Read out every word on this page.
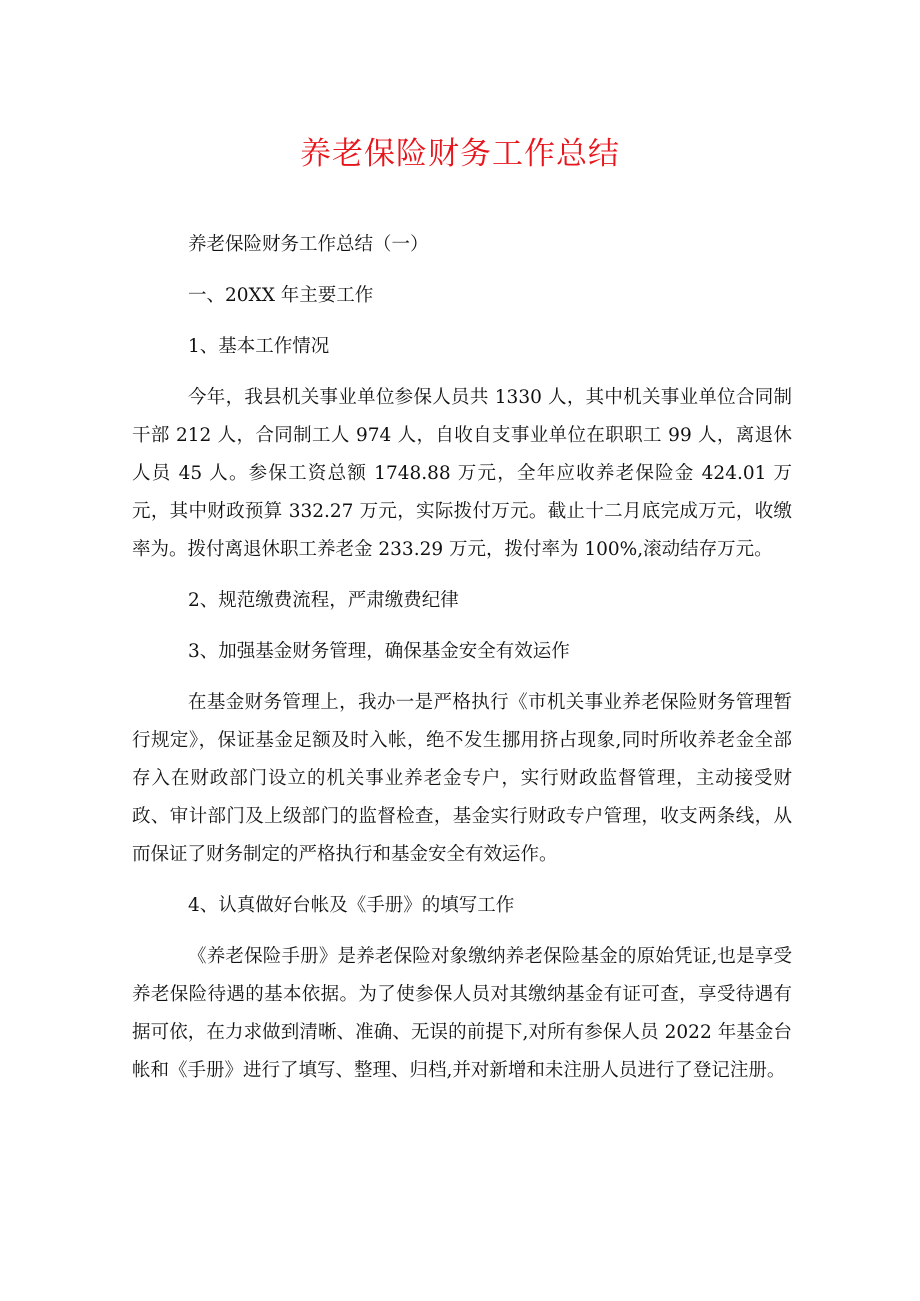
养老保险财务工作总结

养老保险财务工作总结（一）

一、20XX 年主要工作

1、基本工作情况

今年，我县机关事业单位参保人员共 1330 人，其中机关事业单位合同制干部 212 人，合同制工人 974 人，自收自支事业单位在职职工 99 人，离退休人员 45 人。参保工资总额 1748.88 万元，全年应收养老保险金 424.01 万元，其中财政预算 332.27 万元，实际拨付万元。截止十二月底完成万元，收缴率为。拨付离退休职工养老金 233.29 万元，拨付率为 100%,滚动结存万元。

2、规范缴费流程，严肃缴费纪律

3、加强基金财务管理，确保基金安全有效运作

在基金财务管理上，我办一是严格执行《市机关事业养老保险财务管理暂行规定》，保证基金足额及时入帐，绝不发生挪用挤占现象,同时所收养老金全部存入在财政部门设立的机关事业养老金专户，实行财政监督管理，主动接受财政、审计部门及上级部门的监督检查，基金实行财政专户管理，收支两条线，从而保证了财务制定的严格执行和基金安全有效运作。

4、认真做好台帐及《手册》的填写工作

《养老保险手册》是养老保险对象缴纳养老保险基金的原始凭证,也是享受养老保险待遇的基本依据。为了使参保人员对其缴纳基金有证可查，享受待遇有据可依，在力求做到清晰、准确、无误的前提下,对所有参保人员 2022 年基金台帐和《手册》进行了填写、整理、归档,并对新增和未注册人员进行了登记注册。
